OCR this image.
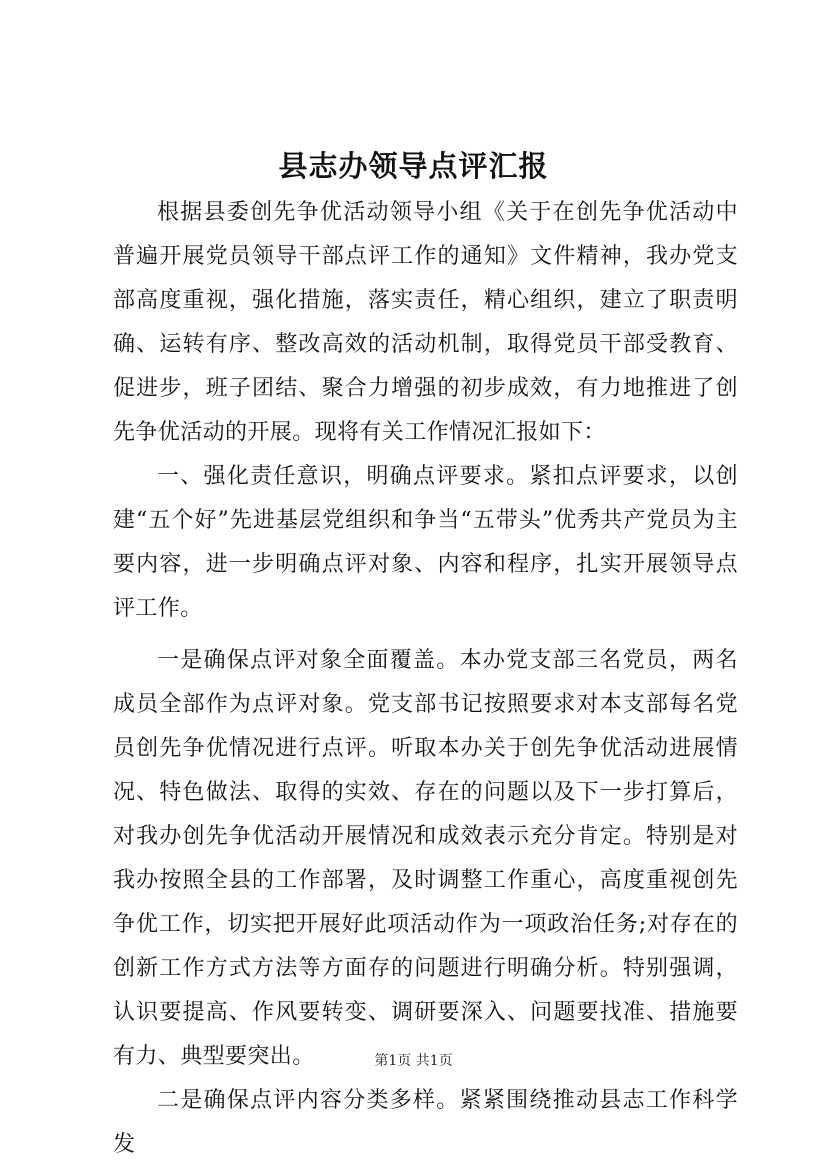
县志办领导点评汇报

根据县委创先争优活动领导小组《关于在创先争优活动中普遍开展党员领导干部点评工作的通知》文件精神，我办党支部高度重视，强化措施，落实责任，精心组织，建立了职责明确、运转有序、整改高效的活动机制，取得党员干部受教育、促进步，班子团结、聚合力增强的初步成效，有力地推进了创先争优活动的开展。现将有关工作情况汇报如下：

一、强化责任意识，明确点评要求。紧扣点评要求，以创建“五个好”先进基层党组织和争当“五带头”优秀共产党员为主要内容，进一步明确点评对象、内容和程序，扎实开展领导点评工作。

一是确保点评对象全面覆盖。本办党支部三名党员，两名成员全部作为点评对象。党支部书记按照要求对本支部每名党员创先争优情况进行点评。听取本办关于创先争优活动进展情况、特色做法、取得的实效、存在的问题以及下一步打算后，对我办创先争优活动开展情况和成效表示充分肯定。特别是对我办按照全县的工作部署，及时调整工作重心，高度重视创先争优工作，切实把开展好此项活动作为一项政治任务;对存在的创新工作方式方法等方面存的问题进行明确分析。特别强调，认识要提高、作风要转变、调研要深入、问题要找准、措施要有力、典型要突出。

二是确保点评内容分类多样。紧紧围绕推动县志工作科学发

第1页 共1页
